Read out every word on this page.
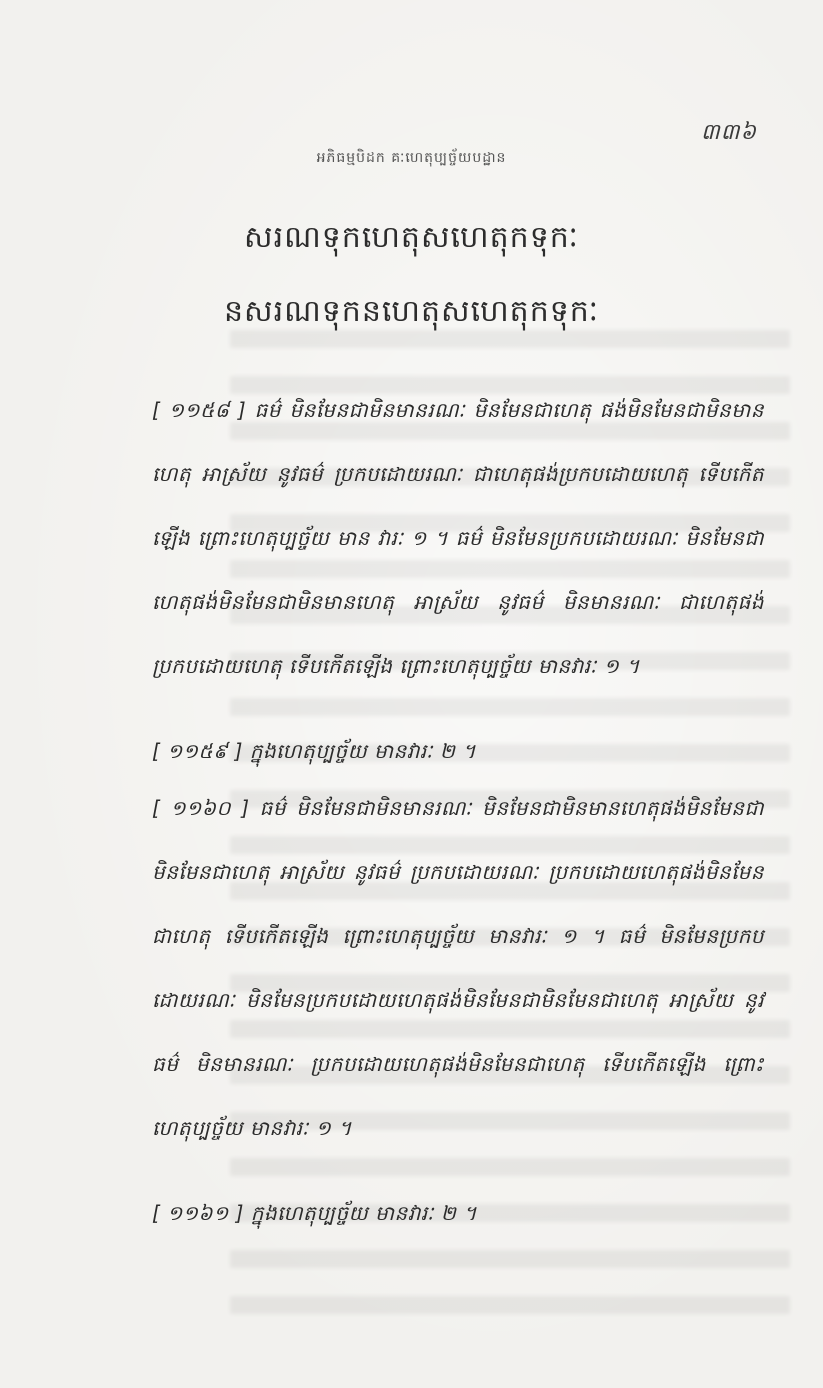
៣៣៦
អភិធម្មបិដក គៈហេតុប្បច្ច័យបដ្ឋាន
សរណទុកហេតុសហេតុកទុកៈ
នសរណទុកនហេតុសហេតុកទុកៈ

[ ១១៥៨ ] ធម៌ មិនមែនជាមិនមានរណៈ មិនមែនជាហេតុ ផង់មិនមែនជាមិនមានហេតុ អាស្រ័យ នូវធម៌ ប្រកបដោយរណៈ ជាហេតុផង់ប្រកបដោយហេតុ ទើបកើតឡើង ព្រោះហេតុប្បច្ច័យ មាន វារៈ ១ ។ ធម៌ មិនមែនប្រកបដោយរណៈ មិនមែនជាហេតុផង់មិនមែនជាមិនមានហេតុ អាស្រ័យ នូវធម៌ មិនមានរណៈ ជាហេតុផង់ប្រកបដោយហេតុ ទើបកើតឡើង ព្រោះហេតុប្បច្ច័យ មានវារៈ ១ ។

[ ១១៥៩ ] ក្នុងហេតុប្បច្ច័យ មានវារៈ ២ ។

[ ១១៦០ ] ធម៌ មិនមែនជាមិនមានរណៈ មិនមែនជាមិនមានហេតុផង់មិនមែនជាមិនមែនជាហេតុ អាស្រ័យ នូវធម៌ ប្រកបដោយរណៈ ប្រកបដោយហេតុផង់មិនមែនជាហេតុ ទើបកើតឡើង ព្រោះហេតុប្បច្ច័យ មានវារៈ ១ ។ ធម៌ មិនមែនប្រកបដោយរណៈ មិនមែនប្រកបដោយហេតុផង់មិនមែនជាមិនមែនជាហេតុ អាស្រ័យ នូវធម៌ មិនមានរណៈ ប្រកបដោយហេតុផង់មិនមែនជាហេតុ ទើបកើតឡើង ព្រោះហេតុប្បច្ច័យ មានវារៈ ១ ។

[ ១១៦១ ] ក្នុងហេតុប្បច្ច័យ មានវារៈ ២ ។
